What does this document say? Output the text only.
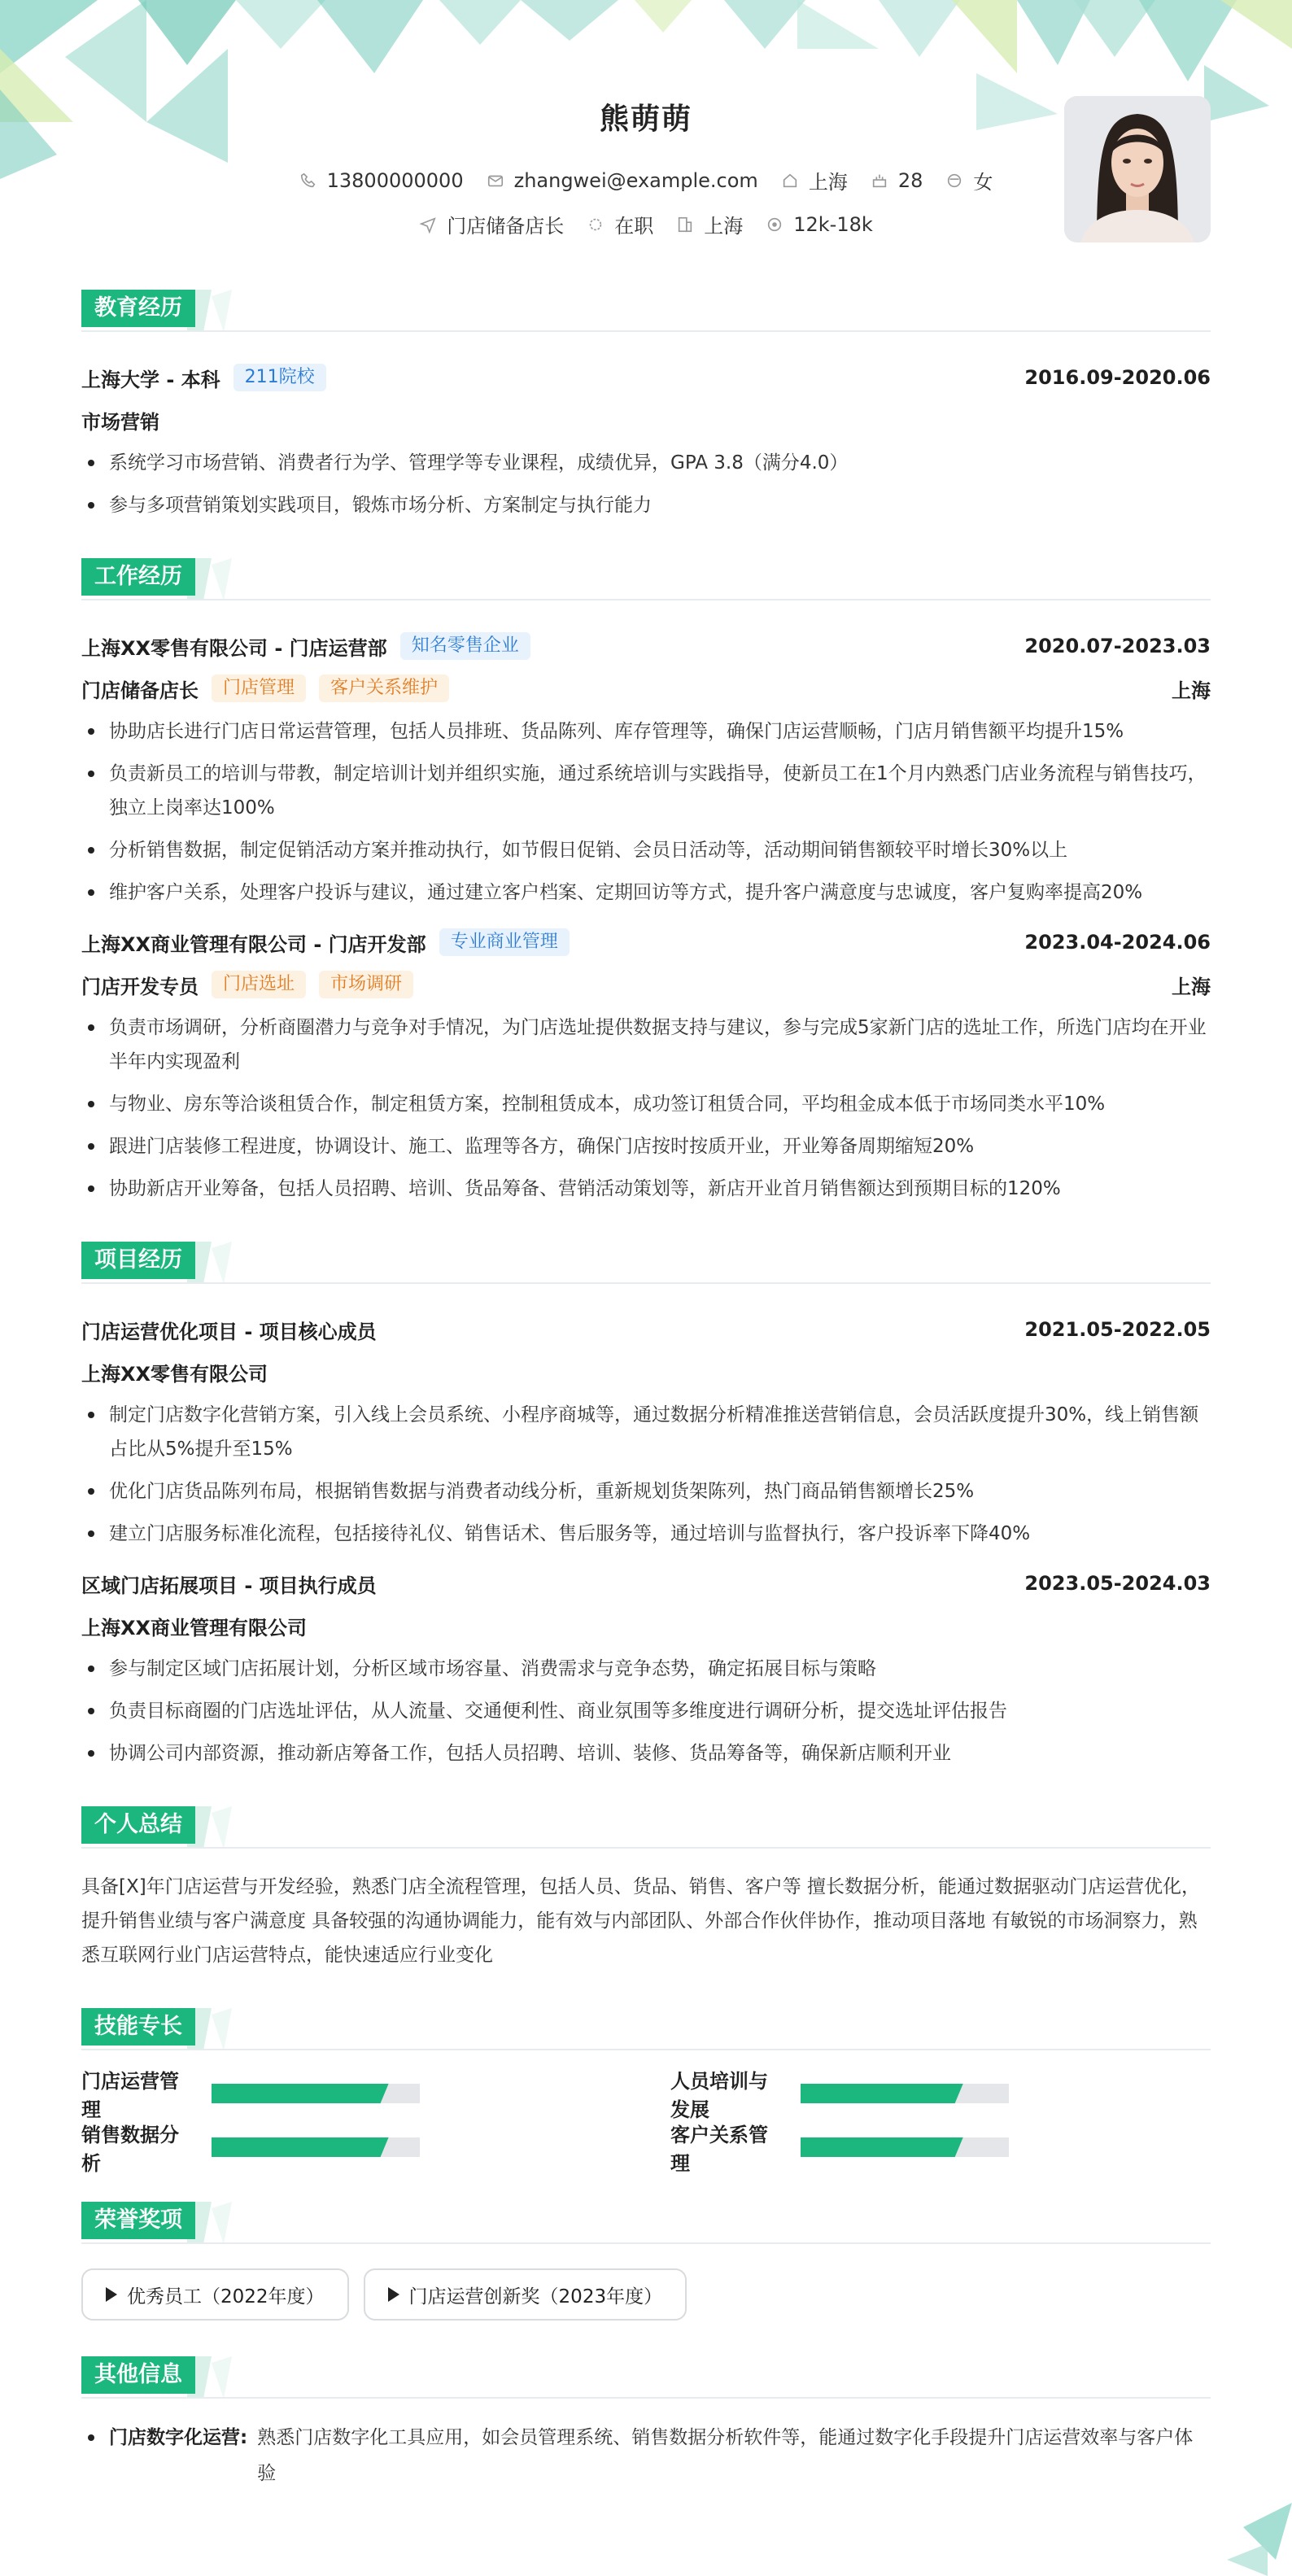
熊萌萌
13800000000	zhangwei@example.com	上海	28	女
门店储备店长	在职	上海	12k-18k
教育经历
上海大学 - 本科	211院校	2016.09-2020.06
市场营销
系统学习市场营销、消费者行为学、管理学等专业课程，成绩优异，GPA 3.8（满分4.0）
参与多项营销策划实践项目，锻炼市场分析、方案制定与执行能力
工作经历
上海XX零售有限公司 - 门店运营部	知名零售企业	2020.07-2023.03
门店储备店长	门店管理	客户关系维护	上海
协助店长进行门店日常运营管理，包括人员排班、货品陈列、库存管理等，确保门店运营顺畅，门店月销售额平均提升15%
负责新员工的培训与带教，制定培训计划并组织实施，通过系统培训与实践指导，使新员工在1个月内熟悉门店业务流程与销售技巧，独立上岗率达100%
分析销售数据，制定促销活动方案并推动执行，如节假日促销、会员日活动等，活动期间销售额较平时增长30%以上
维护客户关系，处理客户投诉与建议，通过建立客户档案、定期回访等方式，提升客户满意度与忠诚度，客户复购率提高20%
上海XX商业管理有限公司 - 门店开发部	专业商业管理	2023.04-2024.06
门店开发专员	门店选址	市场调研	上海
负责市场调研，分析商圈潜力与竞争对手情况，为门店选址提供数据支持与建议，参与完成5家新门店的选址工作，所选门店均在开业半年内实现盈利
与物业、房东等洽谈租赁合作，制定租赁方案，控制租赁成本，成功签订租赁合同，平均租金成本低于市场同类水平10%
跟进门店装修工程进度，协调设计、施工、监理等各方，确保门店按时按质开业，开业筹备周期缩短20%
协助新店开业筹备，包括人员招聘、培训、货品筹备、营销活动策划等，新店开业首月销售额达到预期目标的120%
项目经历
门店运营优化项目 - 项目核心成员	2021.05-2022.05
上海XX零售有限公司
制定门店数字化营销方案，引入线上会员系统、小程序商城等，通过数据分析精准推送营销信息，会员活跃度提升30%，线上销售额占比从5%提升至15%
优化门店货品陈列布局，根据销售数据与消费者动线分析，重新规划货架陈列，热门商品销售额增长25%
建立门店服务标准化流程，包括接待礼仪、销售话术、售后服务等，通过培训与监督执行，客户投诉率下降40%
区域门店拓展项目 - 项目执行成员	2023.05-2024.03
上海XX商业管理有限公司
参与制定区域门店拓展计划，分析区域市场容量、消费需求与竞争态势，确定拓展目标与策略
负责目标商圈的门店选址评估，从人流量、交通便利性、商业氛围等多维度进行调研分析，提交选址评估报告
协调公司内部资源，推动新店筹备工作，包括人员招聘、培训、装修、货品筹备等，确保新店顺利开业
个人总结
具备[X]年门店运营与开发经验，熟悉门店全流程管理，包括人员、货品、销售、客户等 擅长数据分析，能通过数据驱动门店运营优化，提升销售业绩与客户满意度 具备较强的沟通协调能力，能有效与内部团队、外部合作伙伴协作，推动项目落地 有敏锐的市场洞察力，熟悉互联网行业门店运营特点，能快速适应行业变化
技能专长
门店运营管理
人员培训与发展
销售数据分析
客户关系管理
荣誉奖项
优秀员工（2022年度）	门店运营创新奖（2023年度）
其他信息
门店数字化运营: 熟悉门店数字化工具应用，如会员管理系统、销售数据分析软件等，能通过数字化手段提升门店运营效率与客户体验
